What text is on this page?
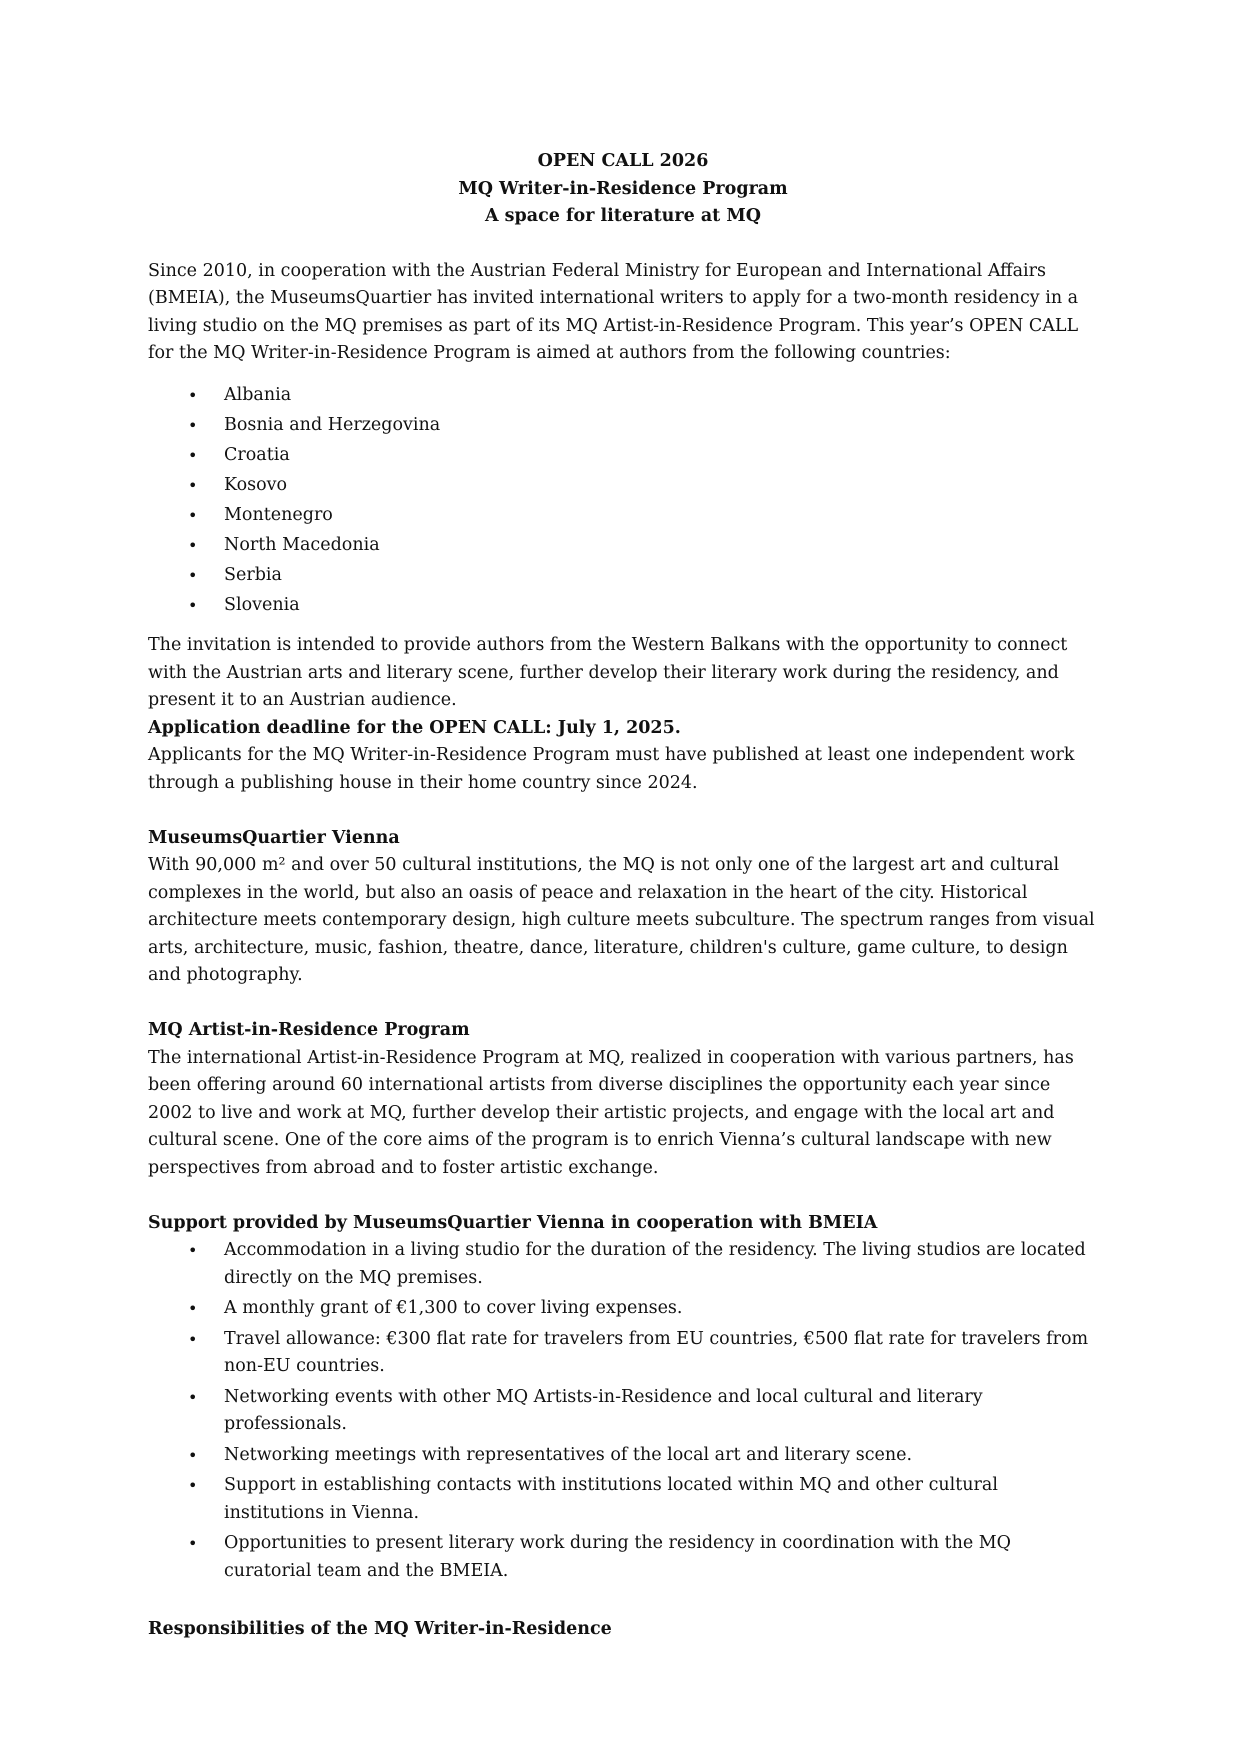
OPEN CALL 2026
MQ Writer-in-Residence Program
A space for literature at MQ

Since 2010, in cooperation with the Austrian Federal Ministry for European and International Affairs (BMEIA), the MuseumsQuartier has invited international writers to apply for a two-month residency in a living studio on the MQ premises as part of its MQ Artist-in-Residence Program. This year’s OPEN CALL for the MQ Writer-in-Residence Program is aimed at authors from the following countries:

• Albania
• Bosnia and Herzegovina
• Croatia
• Kosovo
• Montenegro
• North Macedonia
• Serbia
• Slovenia

The invitation is intended to provide authors from the Western Balkans with the opportunity to connect with the Austrian arts and literary scene, further develop their literary work during the residency, and present it to an Austrian audience.

Application deadline for the OPEN CALL: July 1, 2025.

Applicants for the MQ Writer-in-Residence Program must have published at least one independent work through a publishing house in their home country since 2024.

MuseumsQuartier Vienna

With 90,000 m² and over 50 cultural institutions, the MQ is not only one of the largest art and cultural complexes in the world, but also an oasis of peace and relaxation in the heart of the city. Historical architecture meets contemporary design, high culture meets subculture. The spectrum ranges from visual arts, architecture, music, fashion, theatre, dance, literature, children's culture, game culture, to design and photography.

MQ Artist-in-Residence Program

The international Artist-in-Residence Program at MQ, realized in cooperation with various partners, has been offering around 60 international artists from diverse disciplines the opportunity each year since 2002 to live and work at MQ, further develop their artistic projects, and engage with the local art and cultural scene. One of the core aims of the program is to enrich Vienna’s cultural landscape with new perspectives from abroad and to foster artistic exchange.

Support provided by MuseumsQuartier Vienna in cooperation with BMEIA

• Accommodation in a living studio for the duration of the residency. The living studios are located directly on the MQ premises.
• A monthly grant of €1,300 to cover living expenses.
• Travel allowance: €300 flat rate for travelers from EU countries, €500 flat rate for travelers from non-EU countries.
• Networking events with other MQ Artists-in-Residence and local cultural and literary professionals.
• Networking meetings with representatives of the local art and literary scene.
• Support in establishing contacts with institutions located within MQ and other cultural institutions in Vienna.
• Opportunities to present literary work during the residency in coordination with the MQ curatorial team and the BMEIA.

Responsibilities of the MQ Writer-in-Residence
